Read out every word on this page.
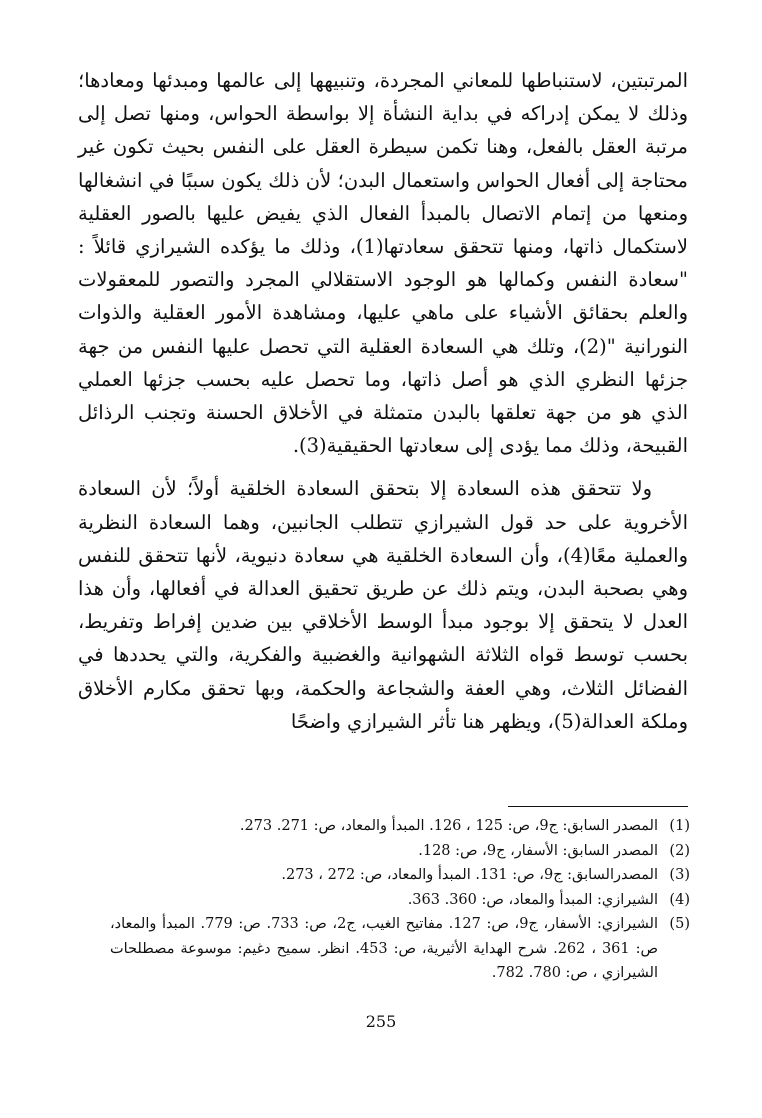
المرتبتين، لاستنباطها للمعاني المجردة، وتنبيهها إلى عالمها ومبدئها ومعادها؛ وذلك لا يمكن إدراكه في بداية النشأة إلا بواسطة الحواس، ومنها تصل إلى مرتبة العقل بالفعل، وهنا تكمن سيطرة العقل على النفس بحيث تكون غير محتاجة إلى أفعال الحواس واستعمال البدن؛ لأن ذلك يكون سببًا في انشغالها ومنعها من إتمام الاتصال بالمبدأ الفعال الذي يفيض عليها بالصور العقلية لاستكمال ذاتها، ومنها تتحقق سعادتها(1)، وذلك ما يؤكده الشيرازي قائلاً : "سعادة النفس وكمالها هو الوجود الاستقلالي المجرد والتصور للمعقولات والعلم بحقائق الأشياء على ماهي عليها، ومشاهدة الأمور العقلية والذوات النورانية "(2)، وتلك هي السعادة العقلية التي تحصل عليها النفس من جهة جزئها النظري الذي هو أصل ذاتها، وما تحصل عليه بحسب جزئها العملي الذي هو من جهة تعلقها بالبدن متمثلة في الأخلاق الحسنة وتجنب الرذائل القبيحة، وذلك مما يؤدى إلى سعادتها الحقيقية(3).

ولا تتحقق هذه السعادة إلا بتحقق السعادة الخلقية أولاً؛ لأن السعادة الأخروية على حد قول الشيرازي تتطلب الجانبين، وهما السعادة النظرية والعملية معًا(4)، وأن السعادة الخلقية هي سعادة دنيوية، لأنها تتحقق للنفس وهي بصحبة البدن، ويتم ذلك عن طريق تحقيق العدالة في أفعالها، وأن هذا العدل لا يتحقق إلا بوجود مبدأ الوسط الأخلاقي بين ضدين إفراط وتفريط، بحسب توسط قواه الثلاثة الشهوانية والغضبية والفكرية، والتي يحددها في الفضائل الثلاث، وهي العفة والشجاعة والحكمة، وبها تحقق مكارم الأخلاق وملكة العدالة(5)، ويظهر هنا تأثر الشيرازي واضحًا

(1)
المصدر السابق: ج9، ص: 125 ، 126. المبدأ والمعاد، ص: 271. 273.
(2)
المصدر السابق: الأسفار، ج9، ص: 128.
(3)
المصدرالسابق: ج9، ص: 131. المبدأ والمعاد، ص: 272 ، 273.
(4)
الشيرازي: المبدأ والمعاد، ص: 360. 363.
(5)
الشيرازي: الأسفار، ج9، ص: 127. مفاتيح الغيب، ج2، ص: 733. ص: 779. المبدأ والمعاد، ص: 361 ، 262. شرح الهداية الأثيرية، ص: 453. انظر. سميح دغيم: موسوعة مصطلحات الشيرازي ، ص: 780. 782.
255
